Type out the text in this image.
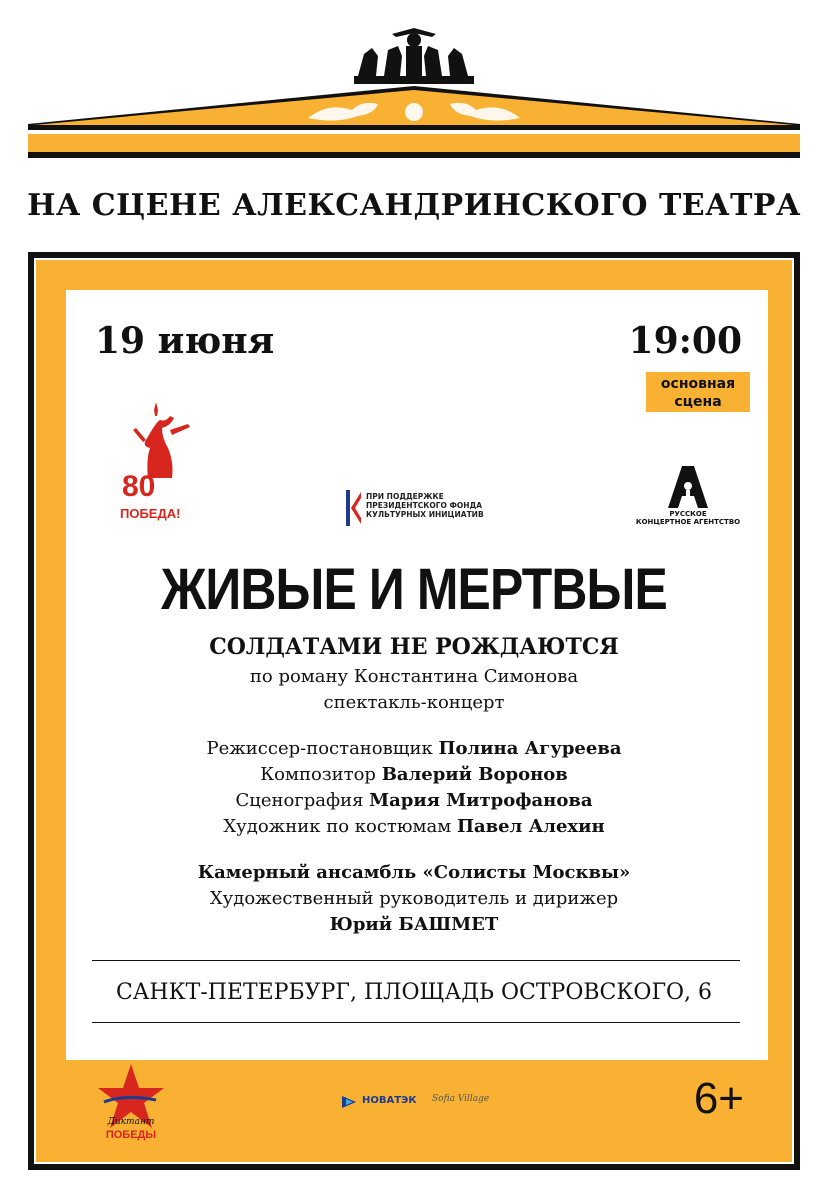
НА СЦЕНЕ АЛЕКСАНДРИНСКОГО ТЕАТРА
19 июня	19:00
основная
сцена
80
ПОБЕДА!
ПРИ ПОДДЕРЖКЕ
ПРЕЗИДЕНТСКОГО ФОНДА
КУЛЬТУРНЫХ ИНИЦИАТИВ	РУССКОЕ
КОНЦЕРТНОЕ АГЕНТСТВО
ЖИВЫЕ И МЕРТВЫЕ
СОЛДАТАМИ НЕ РОЖДАЮТСЯ
по роману Константина Симонова
спектакль-концерт
Режиссер-постановщик Полина Агуреева
Композитор Валерий Воронов
Сценография Мария Митрофанова
Художник по костюмам Павел Алехин
Камерный ансамбль «Солисты Москвы»
Художественный руководитель и дирижер
Юрий БАШМЕТ
САНКТ-ПЕТЕРБУРГ, ПЛОЩАДЬ ОСТРОВСКОГО, 6
Диктант
ПОБЕДЫ
НОВАТЭК Sofia Village	6+
